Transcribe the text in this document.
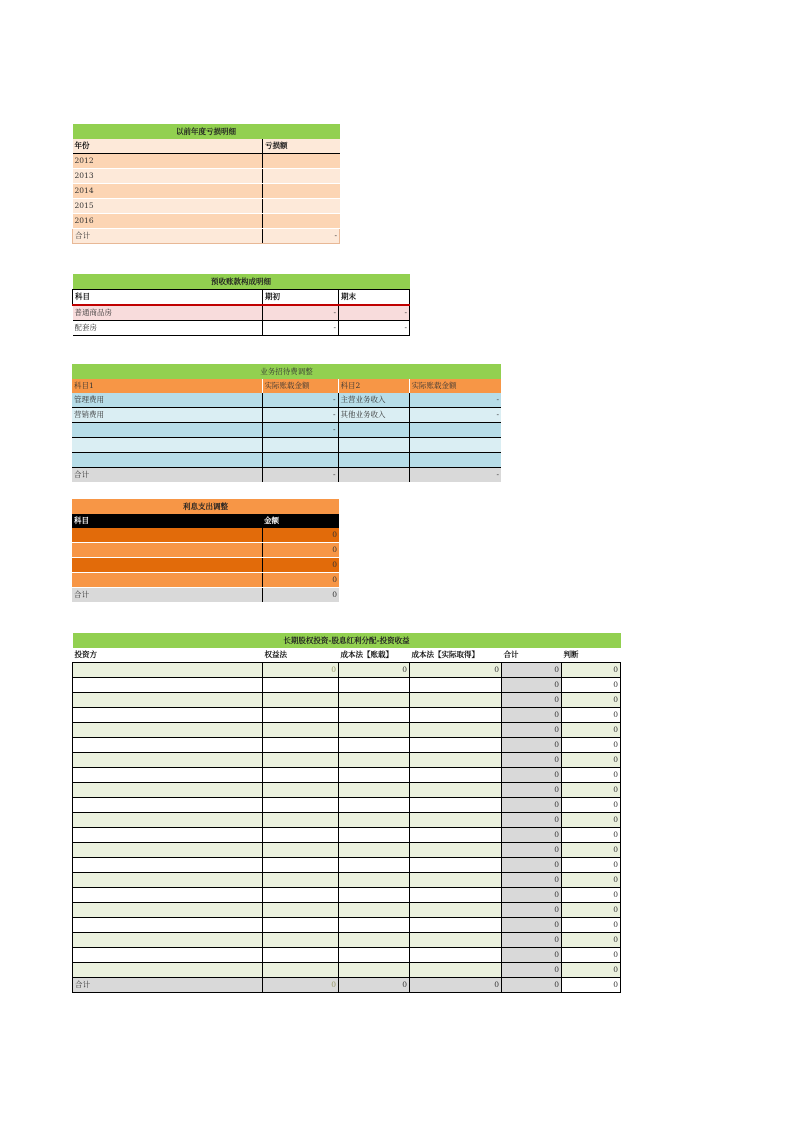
以前年度亏损明细	
年份	亏损额
2012	
2013	
2014	
2015	
2016	
合计	-
预收账款构成明细		
科目	期初	期末
普通商品房	-	-
配套房	-	-
业务招待费调整			
科目1	实际账载金额	科目2	实际账载金额
管理费用	-	主营业务收入	-
营销费用	-	其他业务收入	-
	-		

合计	-		-
利息支出调整	
科目	金额
	0
	0
	0
	0
合计	0
长期股权投资-股息红利分配-投资收益					
投资方	权益法	成本法【账载】	成本法【实际取得】	合计	判断
	0	0	0	0	0
				0	0
				0	0
				0	0
				0	0
				0	0
				0	0
				0	0
				0	0
				0	0
				0	0
				0	0
				0	0
				0	0
				0	0
				0	0
				0	0
				0	0
				0	0
				0	0
				0	0
合计	0	0	0	0	0
